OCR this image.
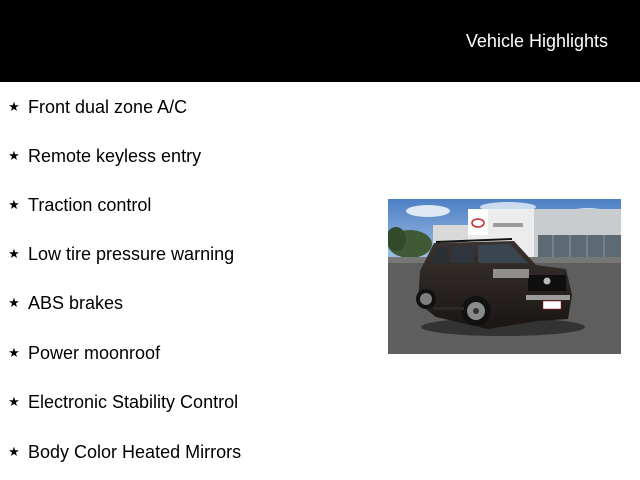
Vehicle Highlights
★ Front dual zone A/C
★ Remote keyless entry
★ Traction control
★ Low tire pressure warning
★ ABS brakes
★ Power moonroof
★ Electronic Stability Control
★ Body Color Heated Mirrors
